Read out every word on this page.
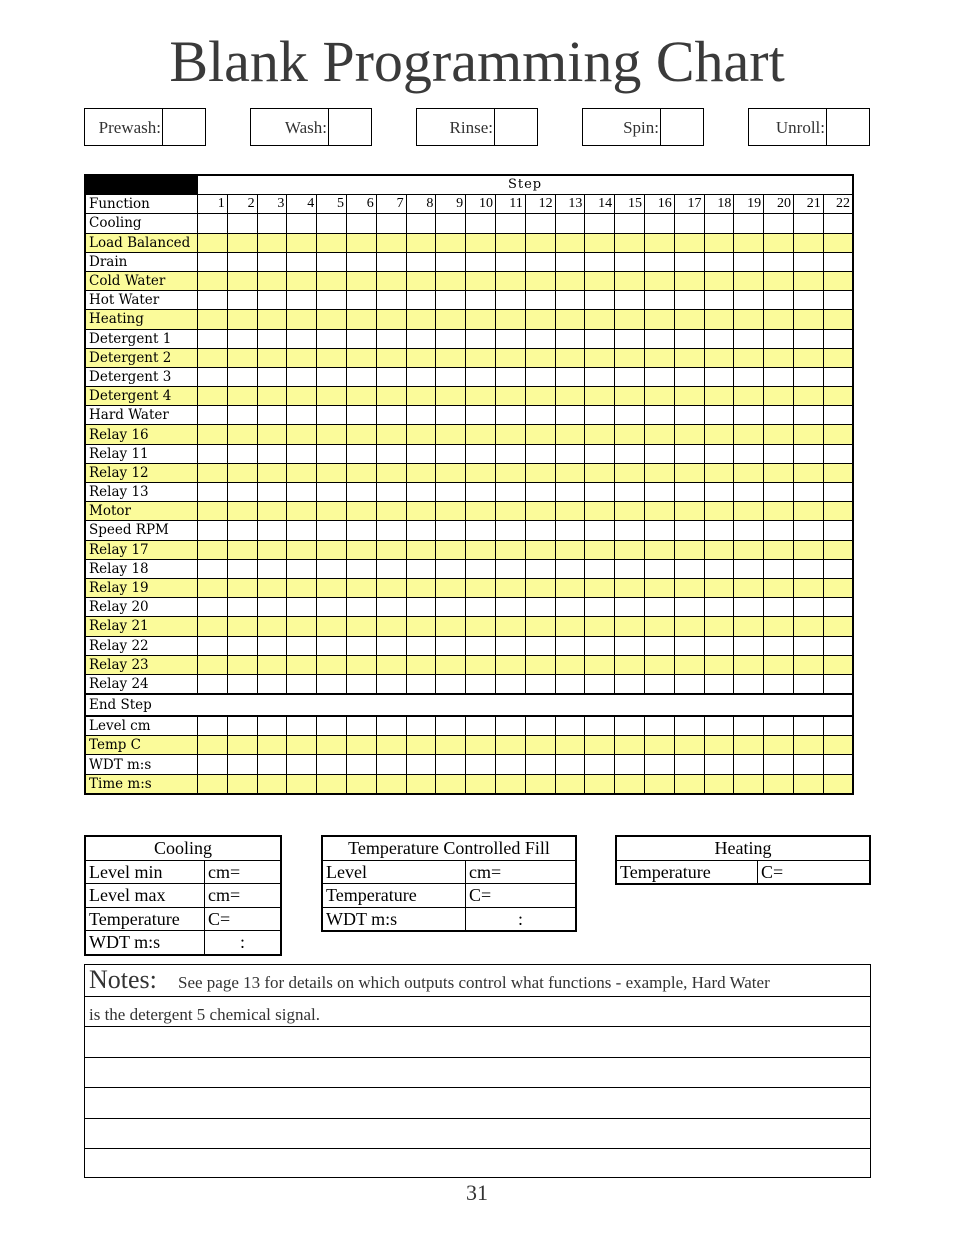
Blank Programming Chart
Prewash:	Wash:	Rinse:	Spin:	Unroll:
	Step																					
Function	1	2	3	4	5	6	7	8	9	10	11	12	13	14	15	16	17	18	19	20	21	22
Cooling																						
Load Balanced																						
Drain																						
Cold Water																						
Hot Water																						
Heating																						
Detergent 1																						
Detergent 2																						
Detergent 3																						
Detergent 4																						
Hard Water																						
Relay 16																						
Relay 11																						
Relay 12																						
Relay 13																						
Motor																						
Speed RPM																						
Relay 17																						
Relay 18																						
Relay 19																						
Relay 20																						
Relay 21																						
Relay 22																						
Relay 23																						
Relay 24																						
End Step																						
Level cm																						
Temp C																						
WDT m:s																						
Time m:s																						
Cooling	
Level min	cm=
Level max	cm=
Temperature	C=
WDT m:s	:
Temperature Controlled Fill	
Level	cm=
Temperature	C=
WDT m:s	:
Heating
Temperature	C=
Notes: See page 13 for details on which outputs control what functions - example, Hard Water
is the detergent 5 chemical signal.
31
